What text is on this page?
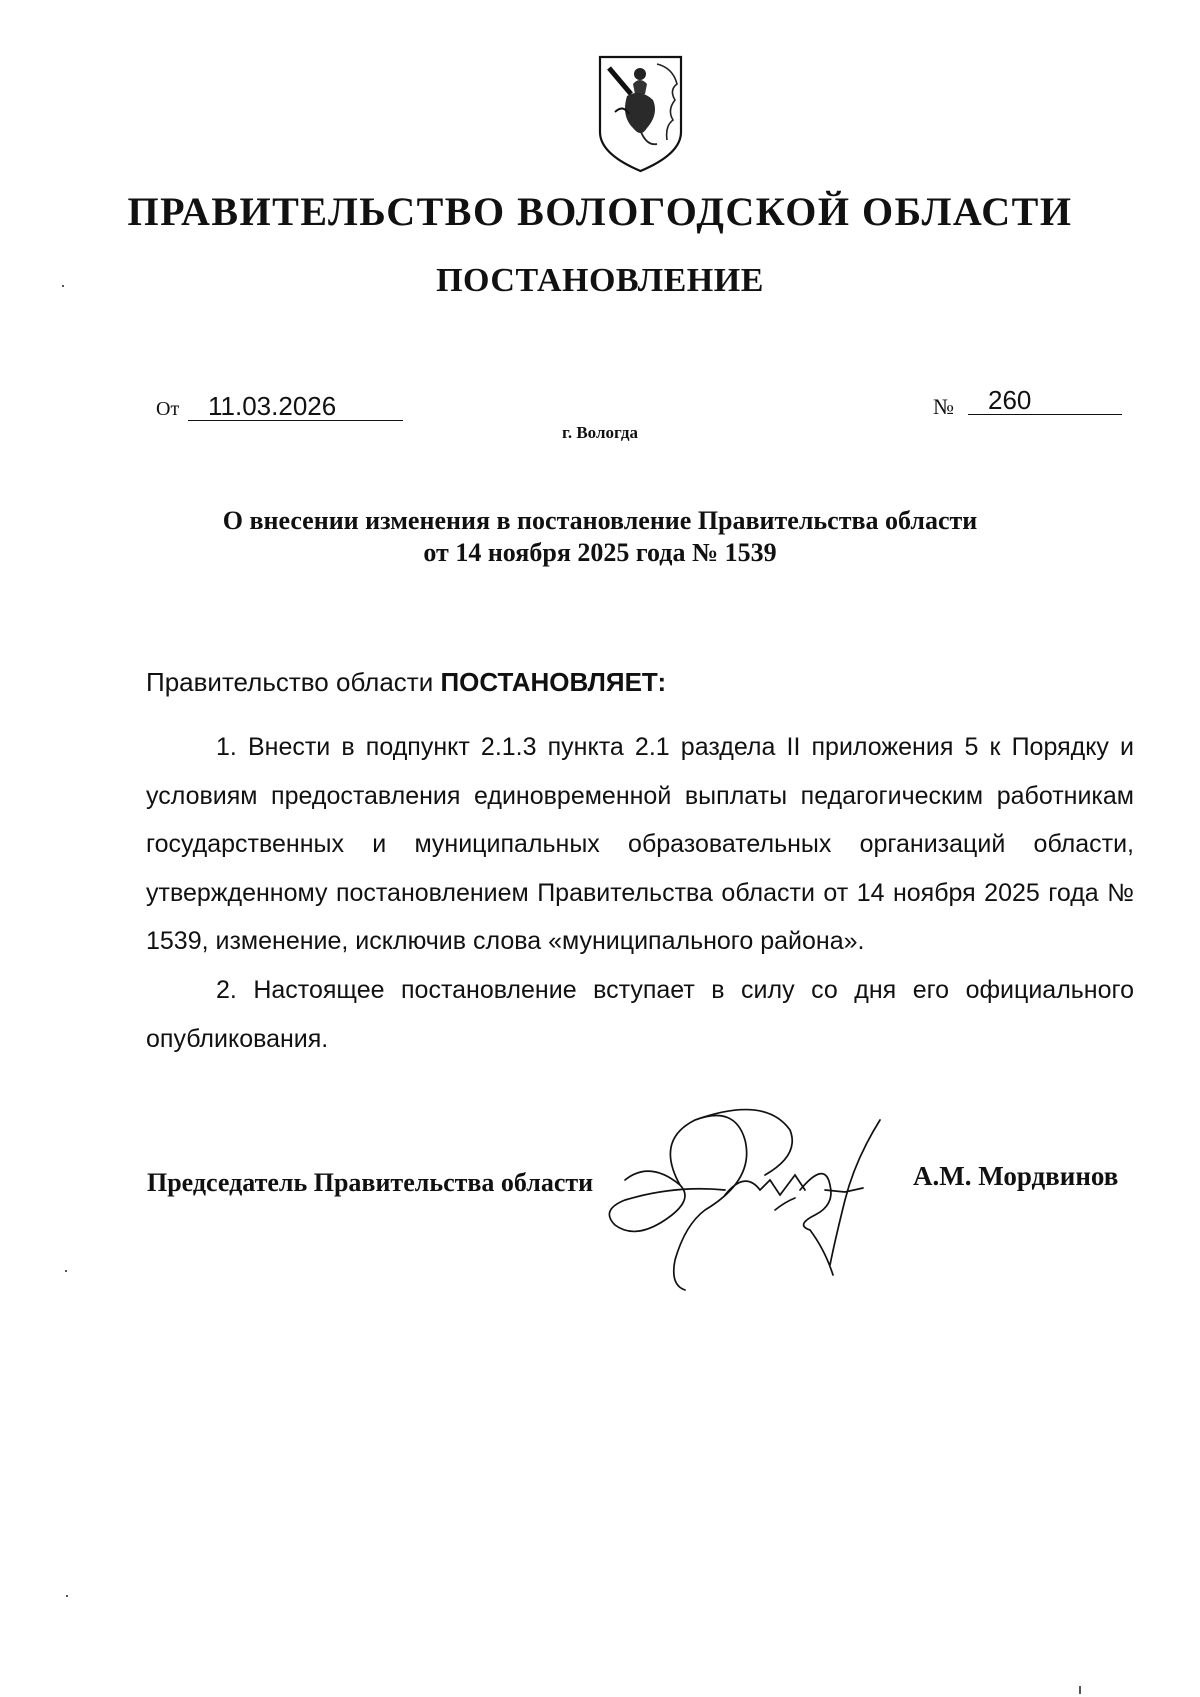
ПРАВИТЕЛЬСТВО ВОЛОГОДСКОЙ ОБЛАСТИ
ПОСТАНОВЛЕНИЕ
От	11.03.2026	№	260
г. Вологда
О внесении изменения в постановление Правительства области
от 14 ноября 2025 года № 1539
Правительство области ПОСТАНОВЛЯЕТ:
1. Внести в подпункт 2.1.3 пункта 2.1 раздела II приложения 5 к Порядку и условиям предоставления единовременной выплаты педагогическим работникам государственных и муниципальных образовательных организаций области, утвержденному постановлением Правительства области от 14 ноября 2025 года № 1539, изменение, исключив слова «муниципального района».
2. Настоящее постановление вступает в силу со дня его официального опубликования.
Председатель Правительства области	А.М. Мордвинов
